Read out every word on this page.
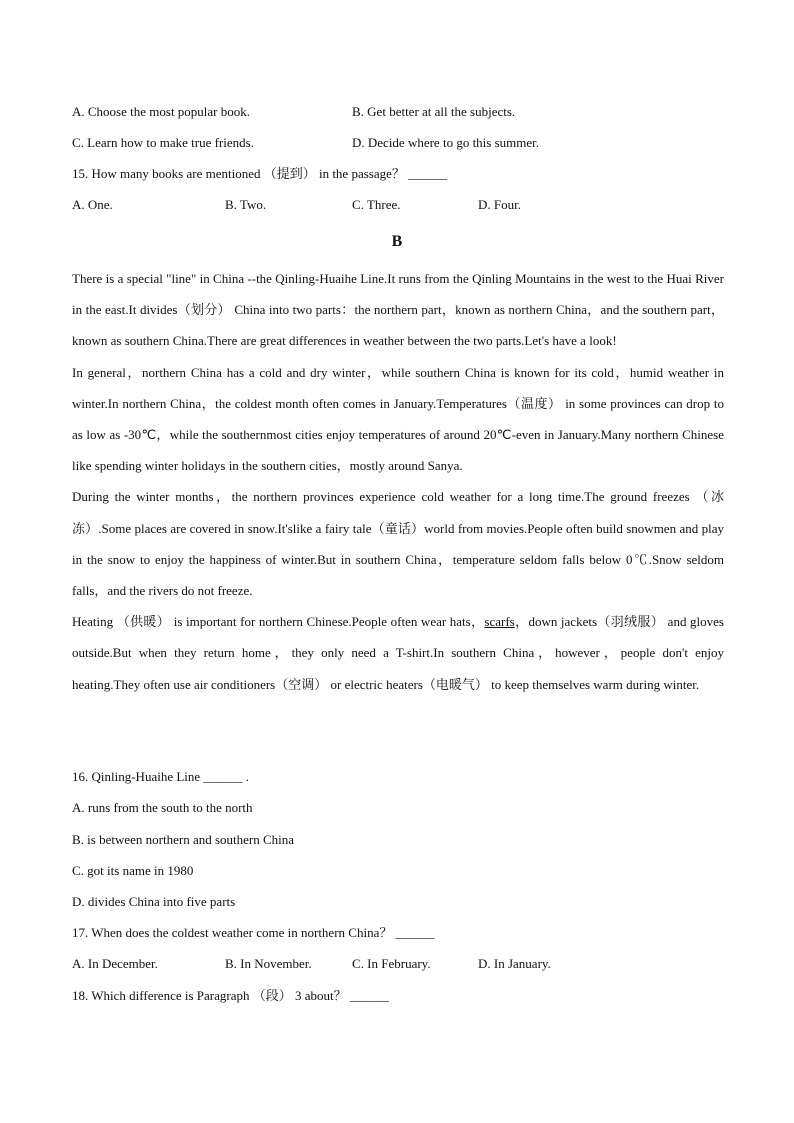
A. Choose the most popular book.	B. Get better at all the subjects.
C. Learn how to make true friends.	D. Decide where to go this summer.
15. How many books are mentioned （提到） in the passage？ ______
A. One.	B. Two.	C. Three.	D. Four.
B

There is a special "line" in China --the Qinling-Huaihe Line.It runs from the Qinling Mountains in the west to the Huai River in the east.It divides（划分） China into two parts：the northern part，known as northern China，and the southern part，known as southern China.There are great differences in weather between the two parts.Let's have a look!

In general，northern China has a cold and dry winter，while southern China is known for its cold，humid weather in winter.In northern China，the coldest month often comes in January.Temperatures（温度） in some provinces can drop to as low as -30℃，while the southernmost cities enjoy temperatures of around 20℃-even in January.Many northern Chinese like spending winter holidays in the southern cities，mostly around Sanya.

During the winter months，the northern provinces experience cold weather for a long time.The ground freezes （冰冻）.Some places are covered in snow.It'slike a fairy tale（童话）world from movies.People often build snowmen and play in the snow to enjoy the happiness of winter.But in southern China，temperature seldom falls below 0℃.Snow seldom falls，and the rivers do not freeze.

Heating （供暖） is important for northern Chinese.People often wear hats，scarfs，down jackets（羽绒服） and gloves outside.But when they return home，they only need a T-shirt.In southern China，however，people don't enjoy heating.They often use air conditioners（空调） or electric heaters（电暖气） to keep themselves warm during winter.

16. Qinling-Huaihe Line ______ .
A. runs from the south to the north
B. is between northern and southern China
C. got its name in 1980
D. divides China into five parts
17. When does the coldest weather come in northern China？ ______
A. In December.	B. In November.	C. In February.	D. In January.
18. Which difference is Paragraph （段） 3 about？ ______
